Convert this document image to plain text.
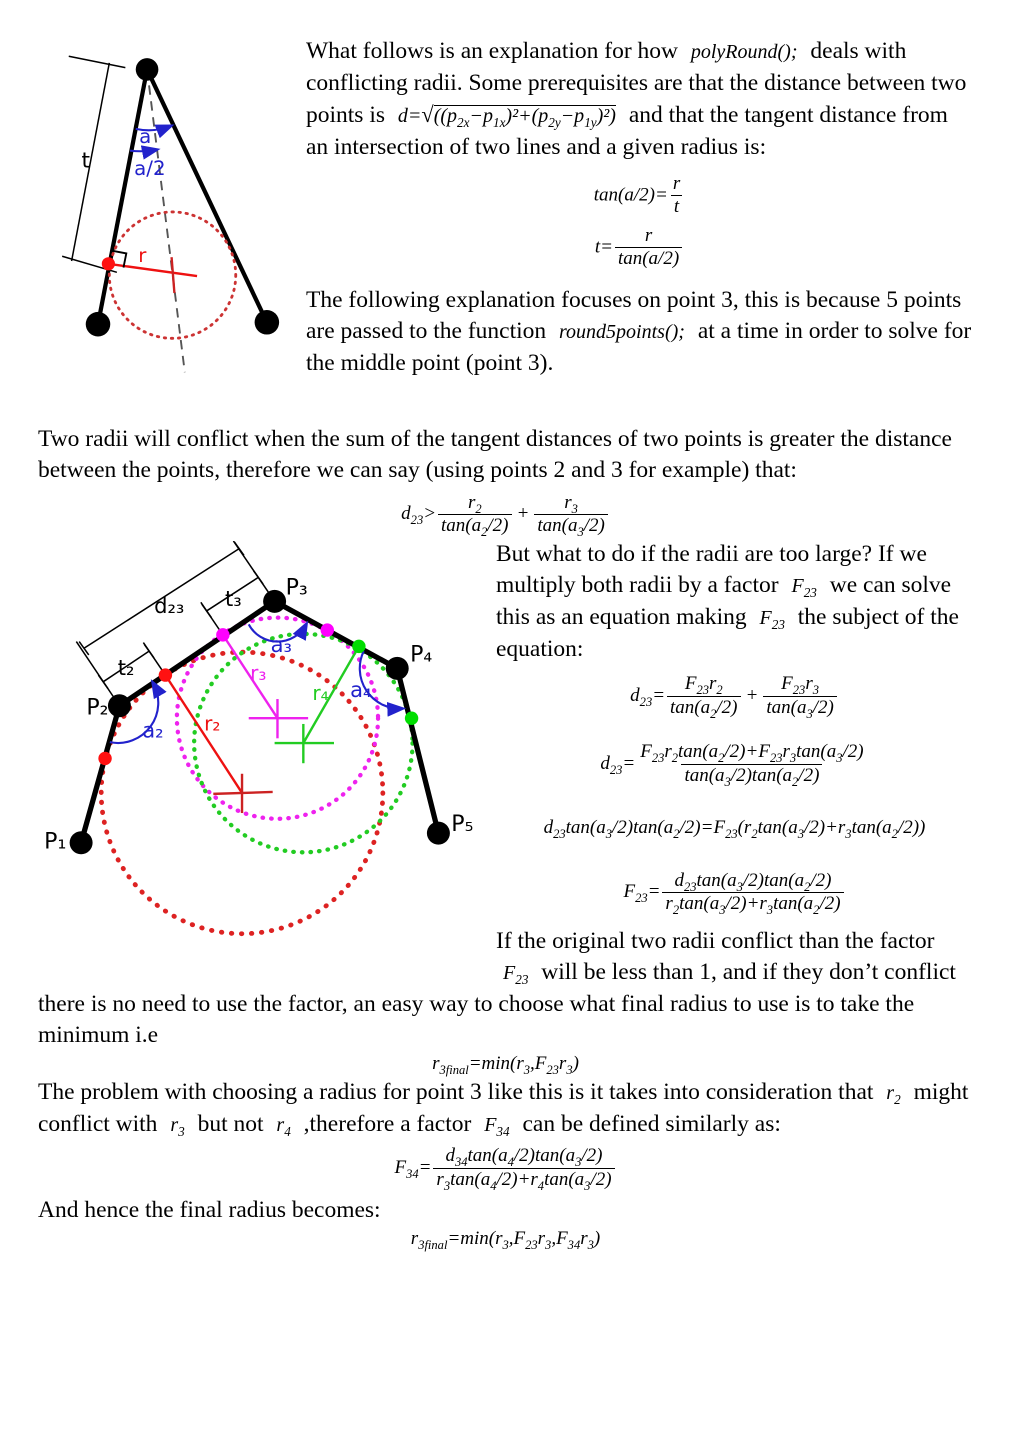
t
a
a/2
r

What follows is an explanation for how polyRound(); deals with conflicting radii. Some prerequisites are that the distance between two points is $d=√((p_{2x}-p_{1x})^2+(p_{2y}-p_{1y})^2)$ and that the tangent distance from an intersection of two lines and a given radius is:

$\tan(a/2)= \frac{r}{t}$
$t= \frac{r}{\tan(a/2)}$

The following explanation focuses on point 3, this is because 5 points are passed to the function round5points(); at a time in order to solve for the middle point (point 3).

Two radii will conflict when the sum of the tangent distances of two points is greater the distance between the points, therefore we can say (using points 2 and 3 for example) that:

$d_{23}> \frac{r_2}{\tan(a_2/2)} + \frac{r_3}{\tan(a_3/2)}$
P₁
P₂
P₃
P₄
P₅
d₂₃ t₃
t₂
a₂
a₃
a₄
r₂
r₃
r₄

But what to do if the radii are too large? If we multiply both radii by a factor $F_{23}$ we can solve this as an equation making $F_{23}$ the subject of the equation:

$d_{23}= \frac{F_{23}r_2}{\tan(a_2/2)} + \frac{F_{23}r_3}{\tan(a_3/2)}$
$d_{23}= \frac{F_{23}r_2\tan(a_2/2)+F_{23}r_3\tan(a_3/2)}{\tan(a_3/2)\tan(a_2/2)}$
$d_{23}\tan(a_3/2)\tan(a_2/2)=F_{23}(r_2\tan(a_3/2)+r_3\tan(a_2/2))$
$F_{23}= \frac{d_{23}\tan(a_3/2)\tan(a_2/2)}{r_2\tan(a_3/2)+r_3\tan(a_2/2)}$

If the original two radii conflict than the factor $F_{23}$ will be less than 1, and if they don’t conflict there is no need to use the factor, an easy way to choose what final radius to use is to take the minimum i.e

$r_{3final}=\min(r_3,F_{23}r_3)$

The problem with choosing a radius for point 3 like this is it takes into consideration that $r_2$ might conflict with $r_3$ but not $r_4$ ,therefore a factor $F_{34}$ can be defined similarly as:

$F_{34}= \frac{d_{34}\tan(a_4/2)\tan(a_3/2)}{r_3\tan(a_4/2)+r_4\tan(a_3/2)}$

And hence the final radius becomes:

$r_{3final}=\min(r_3,F_{23}r_3,F_{34}r_3)$
